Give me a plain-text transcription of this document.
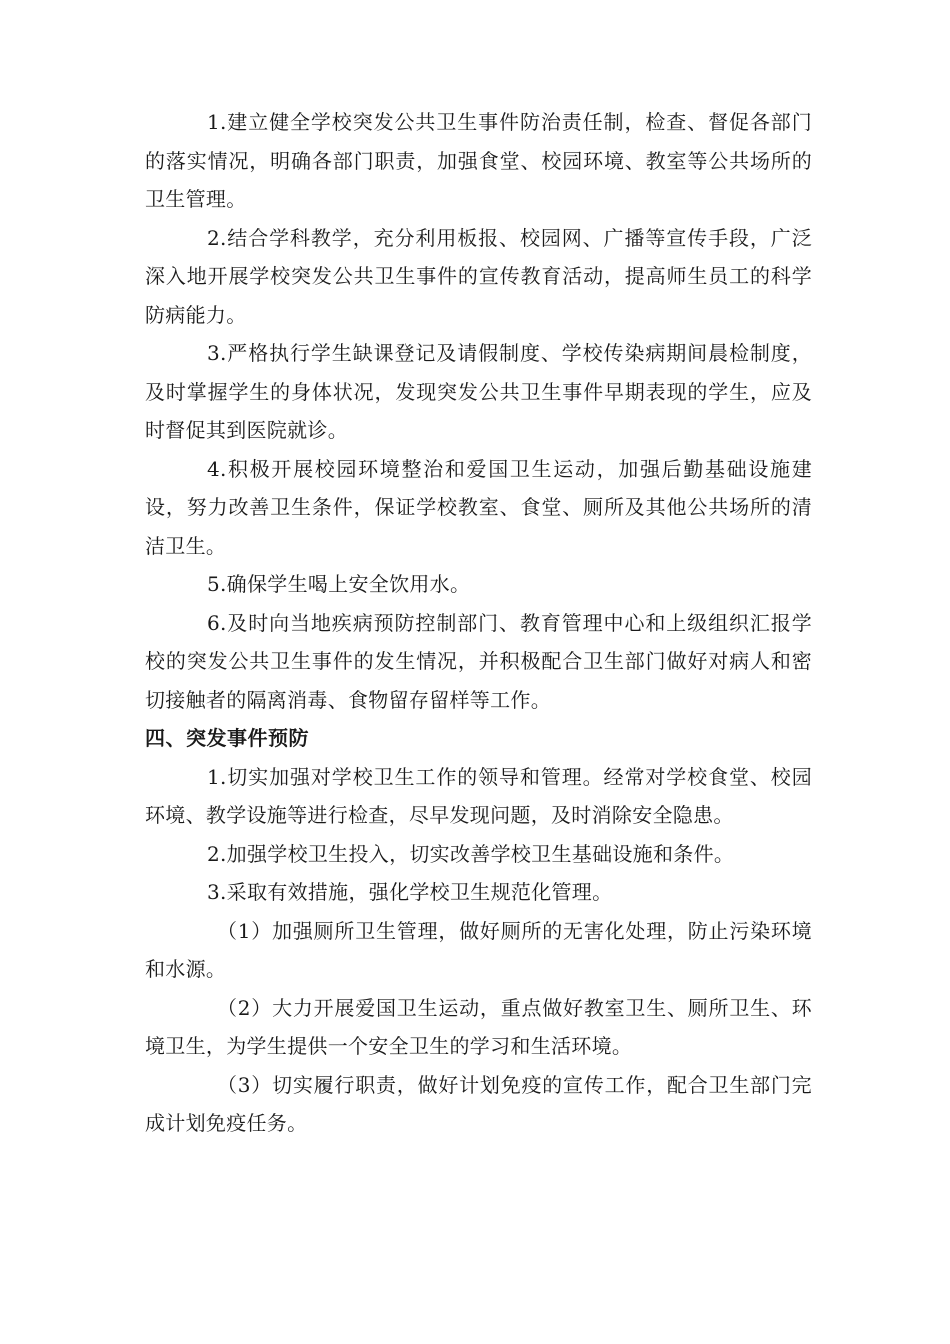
1.建立健全学校突发公共卫生事件防治责任制，检查、督促各部门的落实情况，明确各部门职责，加强食堂、校园环境、教室等公共场所的卫生管理。

2.结合学科教学，充分利用板报、校园网、广播等宣传手段，广泛深入地开展学校突发公共卫生事件的宣传教育活动，提高师生员工的科学防病能力。

3.严格执行学生缺课登记及请假制度、学校传染病期间晨检制度，及时掌握学生的身体状况，发现突发公共卫生事件早期表现的学生，应及时督促其到医院就诊。

4.积极开展校园环境整治和爱国卫生运动，加强后勤基础设施建设，努力改善卫生条件，保证学校教室、食堂、厕所及其他公共场所的清洁卫生。

5.确保学生喝上安全饮用水。

6.及时向当地疾病预防控制部门、教育管理中心和上级组织汇报学校的突发公共卫生事件的发生情况，并积极配合卫生部门做好对病人和密切接触者的隔离消毒、食物留存留样等工作。

四、突发事件预防

1.切实加强对学校卫生工作的领导和管理。经常对学校食堂、校园环境、教学设施等进行检查，尽早发现问题，及时消除安全隐患。

2.加强学校卫生投入，切实改善学校卫生基础设施和条件。

3.采取有效措施，强化学校卫生规范化管理。

（1）加强厕所卫生管理，做好厕所的无害化处理，防止污染环境和水源。

（2）大力开展爱国卫生运动，重点做好教室卫生、厕所卫生、环境卫生，为学生提供一个安全卫生的学习和生活环境。

（3）切实履行职责，做好计划免疫的宣传工作，配合卫生部门完成计划免疫任务。
